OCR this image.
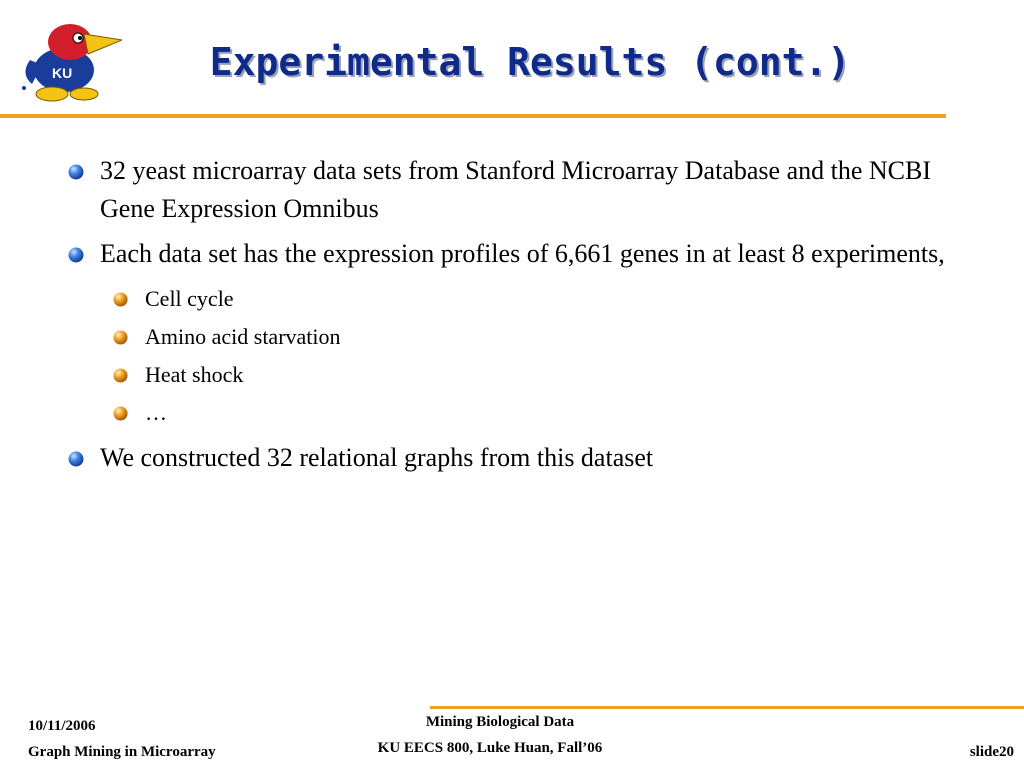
KU	Experimental Results (cont.)
32 yeast microarray data sets from Stanford Microarray Database and the NCBI Gene Expression Omnibus
Each data set has the expression profiles of 6,661 genes in at least 8 experiments,
Cell cycle
Amino acid starvation
Heat shock
…
We constructed 32 relational graphs from this dataset
10/11/2006
Graph Mining in Microarray
Mining Biological Data
KU EECS 800, Luke Huan, Fall’06	slide20
